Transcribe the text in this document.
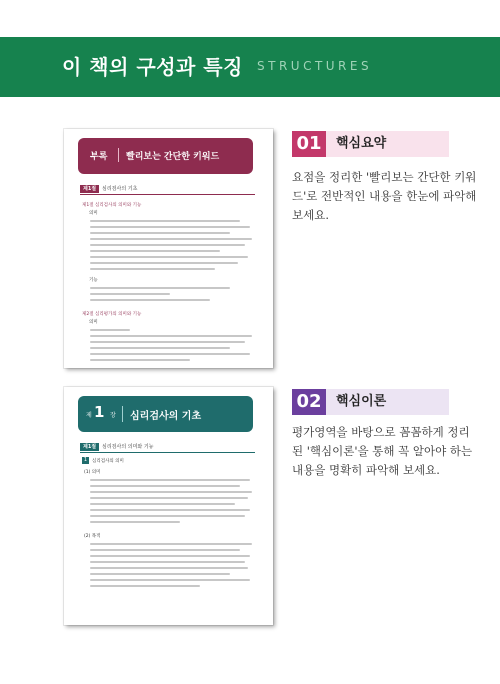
이 책의 구성과 특징 STRUCTURES
부록 빨리보는 간단한 키워드
제1절	심리검사의 기초
제1절 심리검사의 의미와 기능
의미
기능
제2절 심리평가의 의미와 기능
의미
제 1 장 심리검사의 기초
제1절	심리검사의 의미와 기능
1	심리검사의 의미
(1) 의미
(2) 목적
01	핵심요약
요점을 정리한 '빨리보는 간단한 키워드'로 전반적인 내용을 한눈에 파악해 보세요.
02	핵심이론
평가영역을 바탕으로 꼼꼼하게 정리된 '핵심이론'을 통해 꼭 알아야 하는 내용을 명확히 파악해 보세요.
